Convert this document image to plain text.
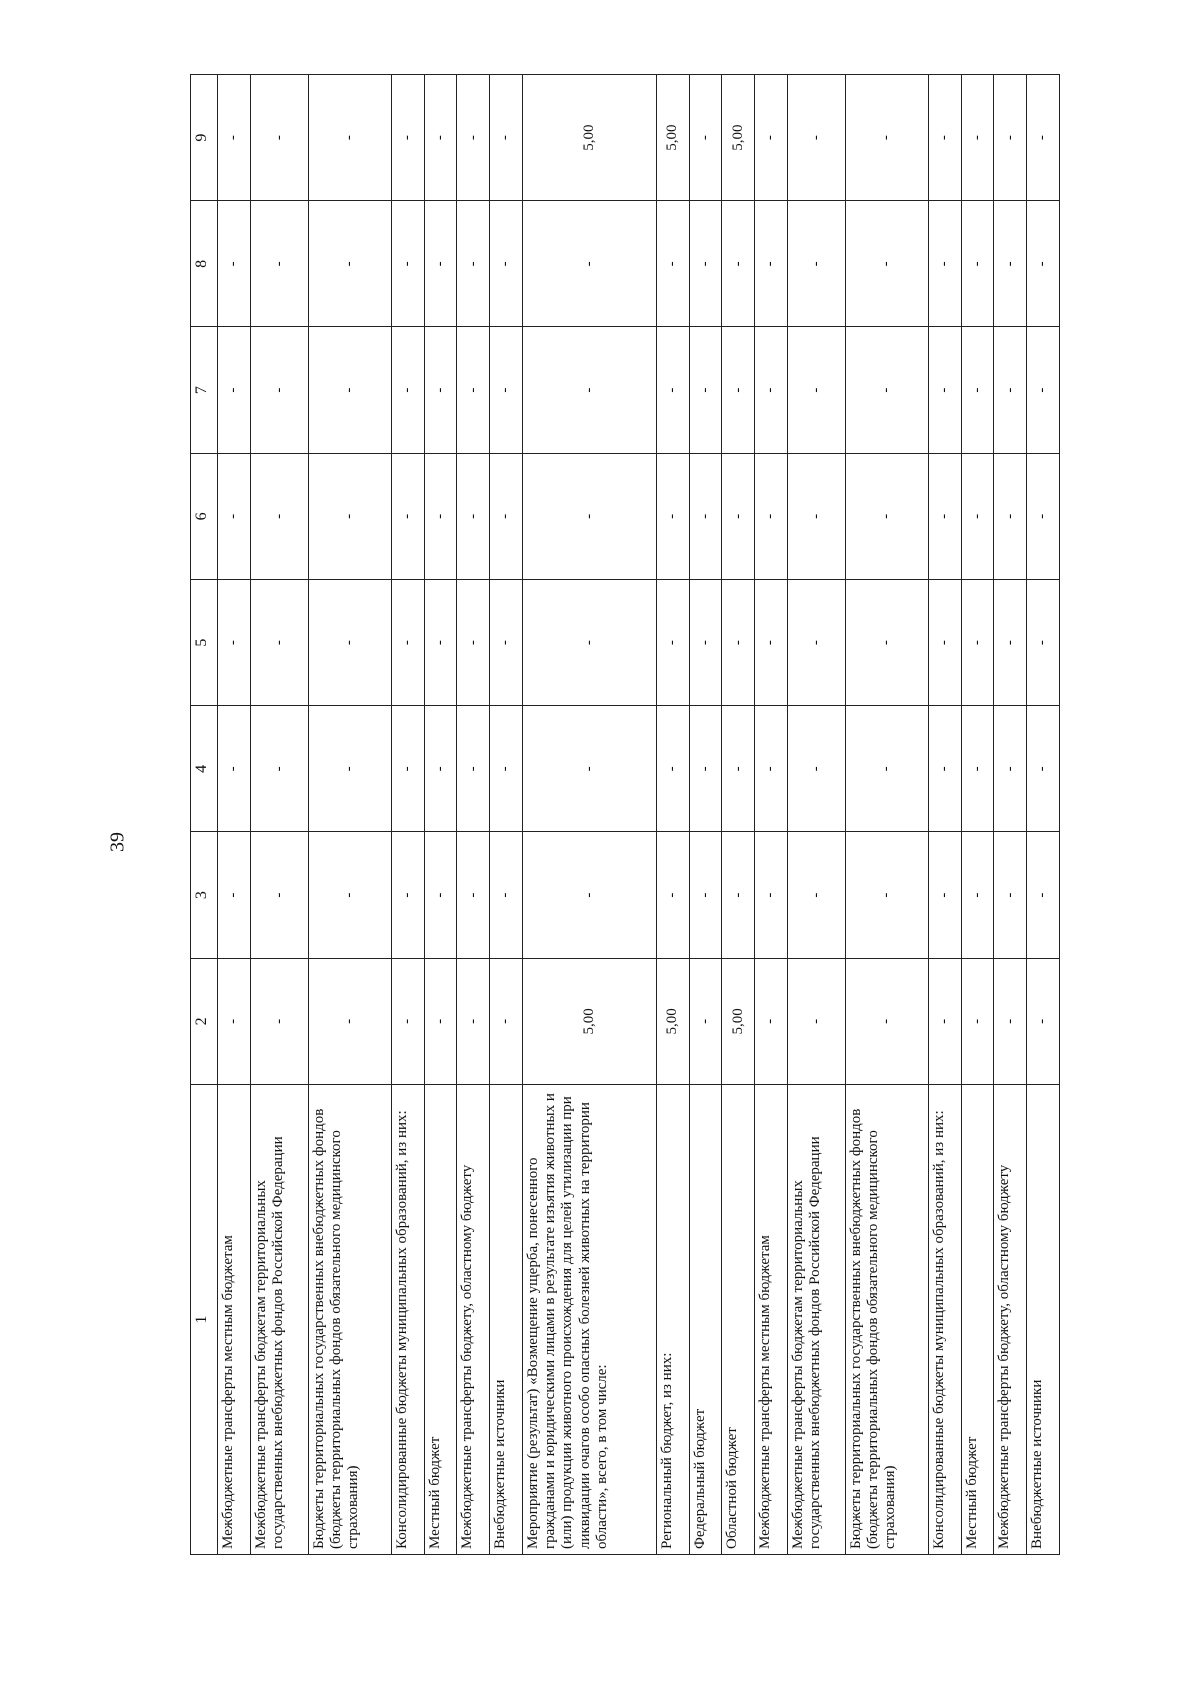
39
1	2	3	4	5	6	7	8	9
Межбюджетные трансферты местным бюджетам	-	-	-	-	-	-	-	-
Межбюджетные трансферты бюджетам территориальных государственных внебюджетных фондов Российской Федерации	-	-	-	-	-	-	-	-
Бюджеты территориальных государственных внебюджетных фондов (бюджеты территориальных фондов обязательного медицинского страхования)	-	-	-	-	-	-	-	-
Консолидированные бюджеты муниципальных образований, из них:	-	-	-	-	-	-	-	-
Местный бюджет	-	-	-	-	-	-	-	-
Межбюджетные трансферты бюджету, областному бюджету	-	-	-	-	-	-	-	-
Внебюджетные источники	-	-	-	-	-	-	-	-
Мероприятие (результат) «Возмещение ущерба, понесенного гражданами и юридическими лицами в результате изъятия животных и (или) продукции животного происхождения для целей утилизации при ликвидации очагов особо опасных болезней животных на территории области», всего, в том числе:	5,00	-	-	-	-	-	-	5,00
Региональный бюджет, из них:	5,00	-	-	-	-	-	-	5,00
Федеральный бюджет	-	-	-	-	-	-	-	-
Областной бюджет	5,00	-	-	-	-	-	-	5,00
Межбюджетные трансферты местным бюджетам	-	-	-	-	-	-	-	-
Межбюджетные трансферты бюджетам территориальных государственных внебюджетных фондов Российской Федерации	-	-	-	-	-	-	-	-
Бюджеты территориальных государственных внебюджетных фондов (бюджеты территориальных фондов обязательного медицинского страхования)	-	-	-	-	-	-	-	-
Консолидированные бюджеты муниципальных образований, из них:	-	-	-	-	-	-	-	-
Местный бюджет	-	-	-	-	-	-	-	-
Межбюджетные трансферты бюджету, областному бюджету	-	-	-	-	-	-	-	-
Внебюджетные источники	-	-	-	-	-	-	-	-
